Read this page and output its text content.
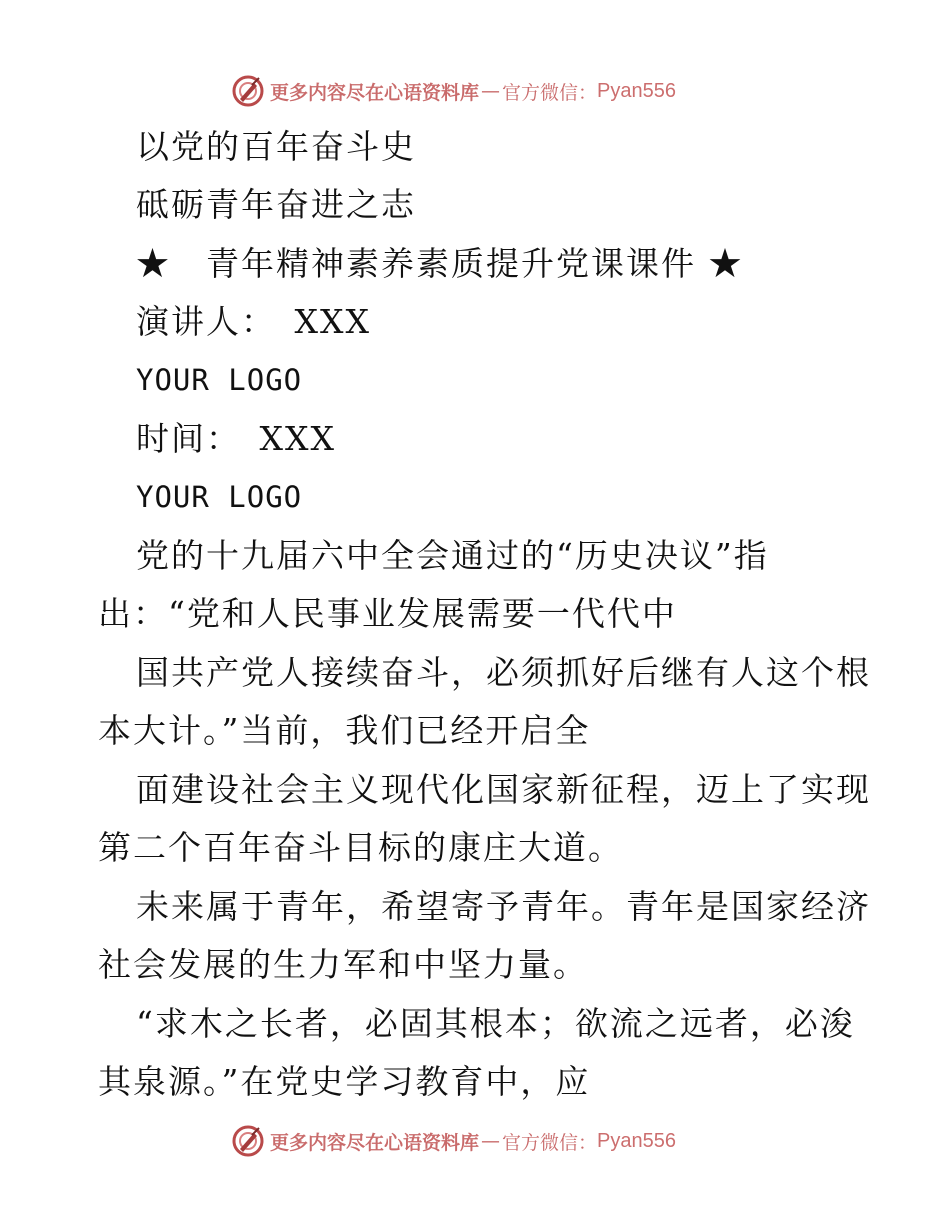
更多内容尽在心语资料库 — 官方微信： Pyan556
以党的百年奋斗史
砥砺青年奋进之志
★　青年精神素养素质提升党课课件 ★
演讲人：　XXX
YOUR LOGO
时间：　XXX
YOUR LOGO
党的十九届六中全会通过的“历史决议”指
出：“党和人民事业发展需要一代代中
国共产党人接续奋斗，必须抓好后继有人这个根
本大计。”当前，我们已经开启全
面建设社会主义现代化国家新征程，迈上了实现
第二个百年奋斗目标的康庄大道。
未来属于青年，希望寄予青年。青年是国家经济
社会发展的生力军和中坚力量。
“求木之长者，必固其根本；欲流之远者，必浚
其泉源。”在党史学习教育中，应
更多内容尽在心语资料库 — 官方微信： Pyan556
